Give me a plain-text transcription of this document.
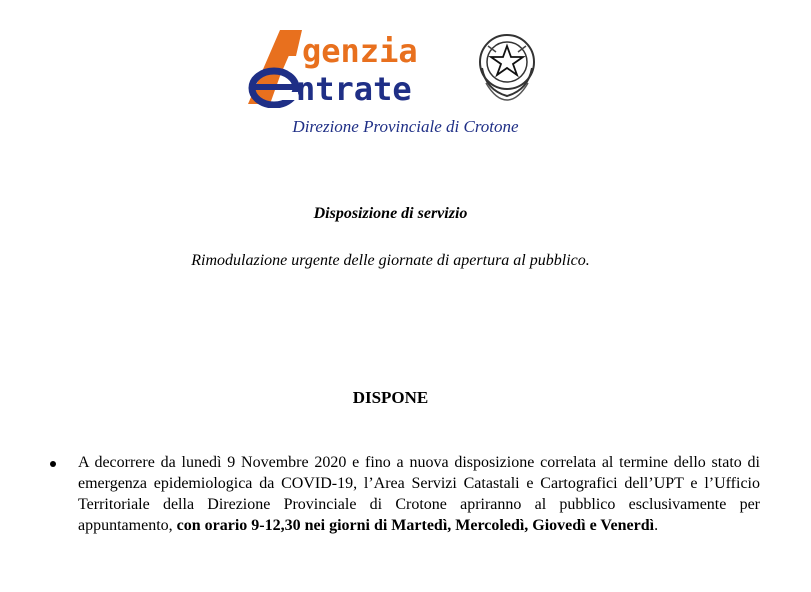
genzia
ntrate
Direzione Provinciale di Crotone
Disposizione di servizio
Rimodulazione urgente delle giornate di apertura al pubblico.
DISPONE
A decorrere da lunedì 9 Novembre 2020 e fino a nuova disposizione correlata al termine dello stato di emergenza epidemiologica da COVID-19, l’Area Servizi Catastali e Cartografici dell’UPT e l’Ufficio Territoriale della Direzione Provinciale di Crotone apriranno al pubblico esclusivamente per appuntamento, con orario 9-12,30 nei giorni di Martedì, Mercoledì, Giovedì e Venerdì.
